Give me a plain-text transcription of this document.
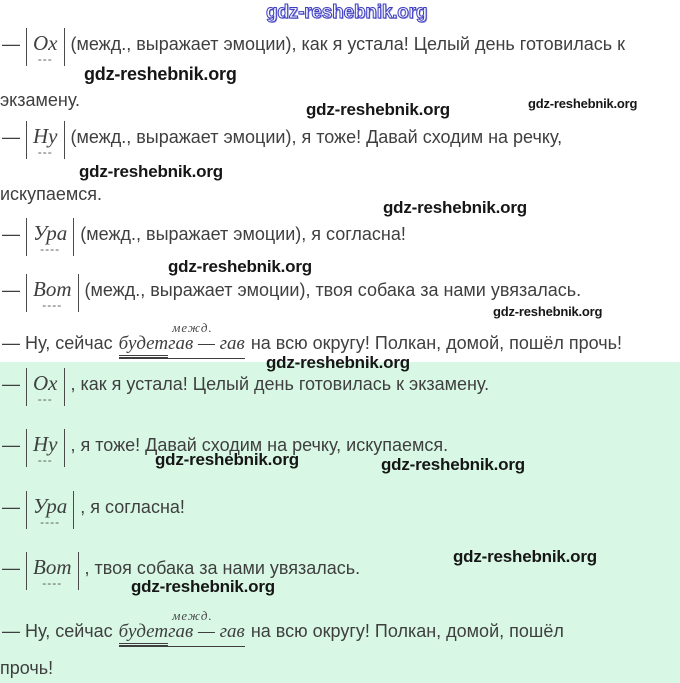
gdz-reshebnik.org
gdz-reshebnik.org
gdz-reshebnik.org	gdz-reshebnik.org
gdz-reshebnik.org
gdz-reshebnik.org
gdz-reshebnik.org
gdz-reshebnik.org
gdz-reshebnik.org
gdz-reshebnik.org	gdz-reshebnik.org
gdz-reshebnik.org
gdz-reshebnik.org
— Ох
---
(межд., выражает эмоции), как я устала! Целый день готовилась к
экзамену.
— Ну
---
(межд., выражает эмоции), я тоже! Давай сходим на речку,
искупаемся.
— Ура
----
(межд., выражает эмоции), я согласна!
— Вот
----
(межд., выражает эмоции), твоя собака за нами увязалась.
— Ну, сейчас будет
межд.
гав — гав на всю округу! Полкан, домой, пошёл прочь!
— Ох
---
, как я устала! Целый день готовилась к экзамену.
— Ну
---
, я тоже! Давай сходим на речку, искупаемся.
— Ура
----
, я согласна!
— Вот
----
, твоя собака за нами увязалась.
— Ну, сейчас будет
межд.
гав — гав на всю округу! Полкан, домой, пошёл
прочь!
